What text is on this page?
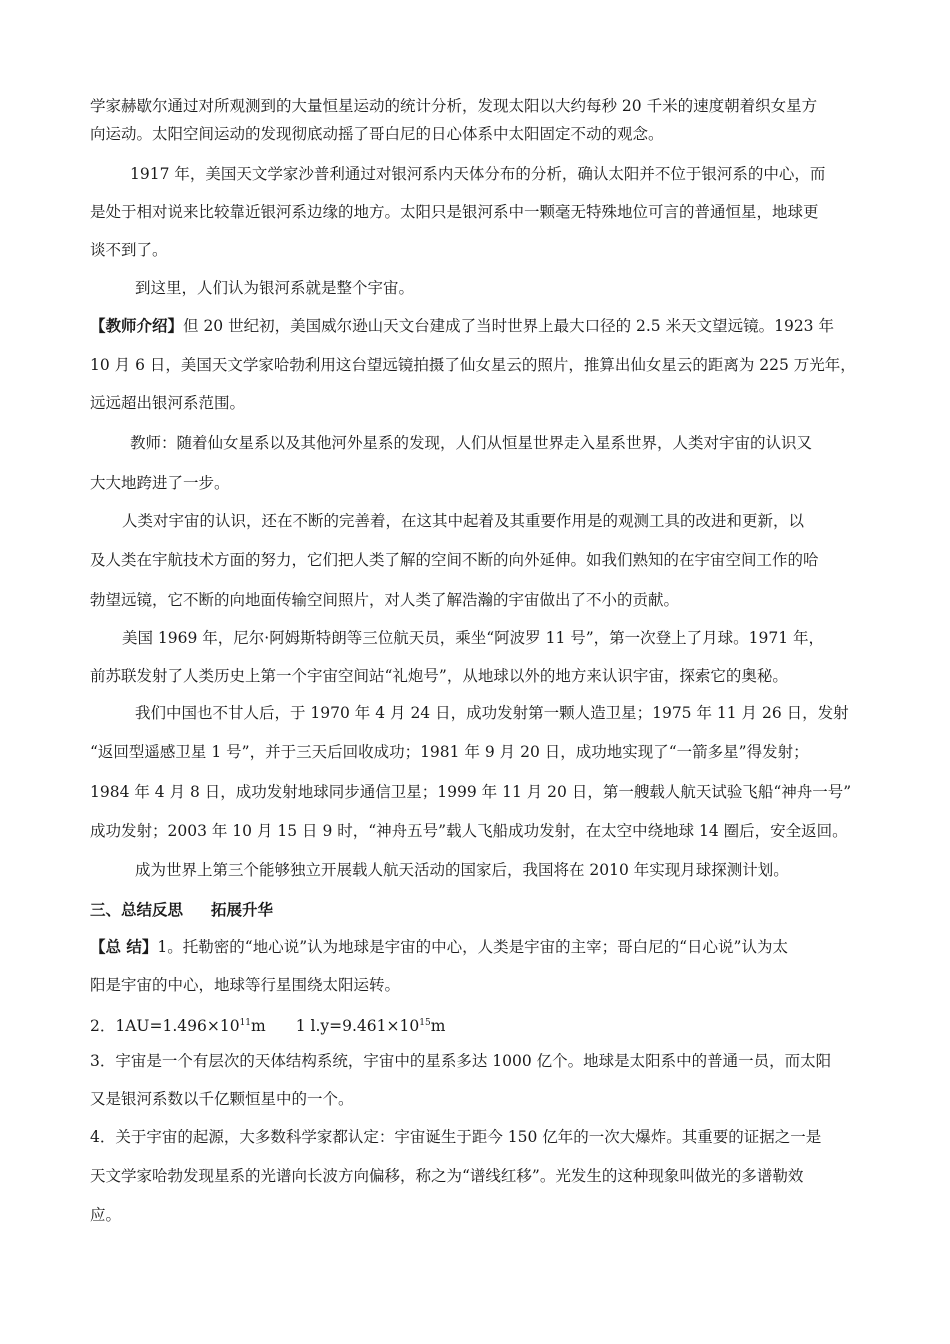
学家赫歇尔通过对所观测到的大量恒星运动的统计分析，发现太阳以大约每秒 20 千米的速度朝着织女星方
向运动。太阳空间运动的发现彻底动摇了哥白尼的日心体系中太阳固定不动的观念。
1917 年，美国天文学家沙普利通过对银河系内天体分布的分析，确认太阳并不位于银河系的中心，而
是处于相对说来比较靠近银河系边缘的地方。太阳只是银河系中一颗毫无特殊地位可言的普通恒星，地球更
谈不到了。
到这里，人们认为银河系就是整个宇宙。
【教师介绍】但 20 世纪初，美国威尔逊山天文台建成了当时世界上最大口径的 2.5 米天文望远镜。1923 年
10 月 6 日，美国天文学家哈勃利用这台望远镜拍摄了仙女星云的照片，推算出仙女星云的距离为 225 万光年，
远远超出银河系范围。
教师：随着仙女星系以及其他河外星系的发现，人们从恒星世界走入星系世界，人类对宇宙的认识又
大大地跨进了一步。
人类对宇宙的认识，还在不断的完善着，在这其中起着及其重要作用是的观测工具的改进和更新，以
及人类在宇航技术方面的努力，它们把人类了解的空间不断的向外延伸。如我们熟知的在宇宙空间工作的哈
勃望远镜，它不断的向地面传输空间照片，对人类了解浩瀚的宇宙做出了不小的贡献。
美国 1969 年，尼尔·阿姆斯特朗等三位航天员，乘坐“阿波罗 11 号”，第一次登上了月球。1971 年，
前苏联发射了人类历史上第一个宇宙空间站“礼炮号”，从地球以外的地方来认识宇宙，探索它的奥秘。
我们中国也不甘人后，于 1970 年 4 月 24 日，成功发射第一颗人造卫星；1975 年 11 月 26 日，发射
“返回型遥感卫星 1 号”，并于三天后回收成功；1981 年 9 月 20 日，成功地实现了“一箭多星”得发射；
1984 年 4 月 8 日，成功发射地球同步通信卫星；1999 年 11 月 20 日，第一艘载人航天试验飞船“神舟一号”
成功发射；2003 年 10 月 15 日 9 时，“神舟五号”载人飞船成功发射，在太空中绕地球 14 圈后，安全返回。
成为世界上第三个能够独立开展载人航天活动的国家后，我国将在 2010 年实现月球探测计划。
三、总结反思 拓展升华
【总 结】1。托勒密的“地心说”认为地球是宇宙的中心，人类是宇宙的主宰；哥白尼的“日心说”认为太
阳是宇宙的中心，地球等行星围绕太阳运转。
2．$1AU=1.496\times 10^{11}m$ 1 $l.y=9.461\times 10^{15}m$
3．宇宙是一个有层次的天体结构系统，宇宙中的星系多达 1000 亿个。地球是太阳系中的普通一员，而太阳
又是银河系数以千亿颗恒星中的一个。
4．关于宇宙的起源，大多数科学家都认定：宇宙诞生于距今 150 亿年的一次大爆炸。其重要的证据之一是
天文学家哈勃发现星系的光谱向长波方向偏移，称之为“谱线红移”。光发生的这种现象叫做光的多谱勒效
应。
